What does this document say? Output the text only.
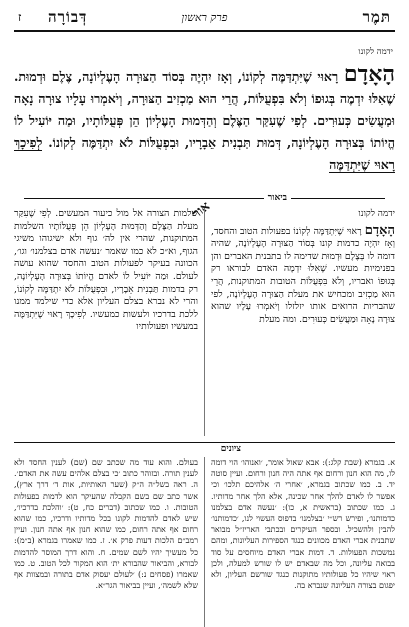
תּמֶר
פרק ראשון
דְּבוֹרָה
ז
ידמה לקונו
הָאָדָם רָאוּי שֶׁיִּתְדַּמֶּה לְקוֹנוֹ, וְאָז יִהְיֶה בְּסוֹד הַצּוּרָה הָעֶלְיוֹנָה, צֶלֶם וּדְמוּת. שֶׁאִלּוּ יִדְמֶה בְּגוּפוֹ וְלֹא בִּפְעֻלּוֹת, הֲרֵי הוּא מַכְזִיב הַצּוּרָה, וְיֹאמְרוּ עָלָיו צוּרָה נָאָה וּמַעֲשִׂים כְּעוּרִים. לְפִי שֶׁעִקַּר הַצֶּלֶם וְהַדְּמוּת הָעֶלְיוֹן הֵן פְּעֻלּוֹתָיו, וּמַה יּוֹעִיל לוֹ הֱיוֹתוֹ בְּצוּרָה הָעֶלְיוֹנָה, דְּמוּת תַּבְנִית אֵבָרָיו, וּבִפְעֻלּוֹת לֹא יִתְדַּמֶּה לְקוֹנוֹ. לְפִיכָךְ רָאוּי שֶׁיִּתְדַּמֶּה
ביאור
אור	ידמה לקונו
הָאָדָם רָאוּי שֶׁיִּתְדַּמֶּה לְקוֹנוֹ בפעולות הטוב והחסד, וְאָז יִהְיֶה כדמות קונו בְּסוֹד הַצּוּרָה הָעֶלְיוֹנָה, שהיה דומה לו בְּצֶלֶם וּדְמוּת שדימה לו בתבנית האברים והן בפנימיות מעשיו. שֶׁאִלּוּ יִדְמֶה האדם לבוראו רק בְּגוּפוֹ ואבריו, וְלֹא בִּפְעֻלּוֹת הטובות המתוקנות, הֲרֵי הוּא מַכְזִיב ומכחיש את מעלת הַצּוּרָה הָעֶלְיוֹנָה, לפי שהבריות הרואים אותו יזלזלו וְיֹאמְרוּ עָלָיו שהוא צוּרָה נָאָה וּמַעֲשִׂים כְּעוּרִים. ומה מעלת
שלמות הצורה אל מול כיעור המעשים. לְפִי שֶׁעִקַּר מעלת הַצֶּלֶם וְהַדְּמוּת הָעֶלְיוֹן הֵן פְּעֻלּוֹתָיו השלמות המתוקנות, שהרי אין לה׳ גוף ולא ישיגוהו משיגי הגוף, וא״כ לא כמו שאמר ׳נעשה אדם בצלמנו׳ וגו׳, הכוונה בעיקר לפעולות הטוב והחסד שהוא עושה לעולם. וּמַה יּוֹעִיל לוֹ לאדם הֱיוֹתוֹ בְּצוּרָה הָעֶלְיוֹנָה, רק בדמות תַּבְנִית אֵבָרָיו, וּבִפְעֻלּוֹת לֹא יִתְדַּמֶּה לְקוֹנוֹ, והרי לא נברא בצלם העליון אלא כדי שילמד ממנו ללכת בדרכיו ולעשות כמעשיו. לְפִיכָךְ רָאוּי שֶׁיִּתְדַּמֶּה במעשיו ופעולותיו
ציונים
א. בגמרא (שבת קלג:): אבא שאול אומר, ׳ואנוהו׳ הוי דומה לו, מה הוא חנון ורחום אף אתה היה חנון ורחום. ועיין סוטה יד. ב. כמו שכתוב בגמרא, ׳אחרי ה׳ אלהיכם תלכו׳ וכי אפשר לו לאדם להלך אחר שכינה, אלא הלך אחר מדותיו. ג. כמו שכתוב (בראשית א, כו): ׳נעשה אדם בצלמנו כדמותנו׳, ופירש רש״י ׳בצלמנו׳ בדפוס העשוי לנו, ׳כדמותנו׳ להבין ולהשכיל. ובספר העיקרים ובכתבי האריז״ל מבואר שתבנית אברי האדם מכוונים כנגד הספירות העליונות, ומהם נמשכות הפעולות. ד. דמות אברי האדם מיוחסים על סוד בבואה עליונה, וכל מה שבאדם יש לו שורש למעלה, ולכן ראוי שיהיו כל פעולותיו מתוקנות כנגד שורשם העליון, ולא יפגום בצורה העליונה שנברא בה.
בעולם. והוא עוד מה שכתב שם (שם) לענין החסד ולא לענין תורה. ובזוהר כתוב ׳כי בצלם אלהים עשה את האדם׳. ה. ראה בשל״ה ה״ק (שער האותיות, אות ד׳ דרך ארץ), אשר כתב שם בשם הקבלה שהעיקר הוא לדמות בפעולות הטובות. ו. כמו שכתוב (דברים כח, ט): ׳והלכת בדרכיו׳, שיש לאדם להדמות לקונו בכל מדותיו ודרכיו, כמו שהוא רחום אף אתה רחום, כמו שהוא חנון אף אתה חנון. ועיין רמב״ם הלכות דעות פרק א׳. ז. כמו שאמרו בגמרא (ב״מ): כל מעשיך יהיו לשם שמים. ח. והוא דרך המוסר להדמות לבורא, והביאור שהבורא ית׳ הוא המקור לכל הטוב. ט. כמו שאמרו (פסחים נ:) ׳לעולם יעסוק אדם בתורה ובמצוות אף שלא לשמה׳, ועיין בביאור הגר״א.
